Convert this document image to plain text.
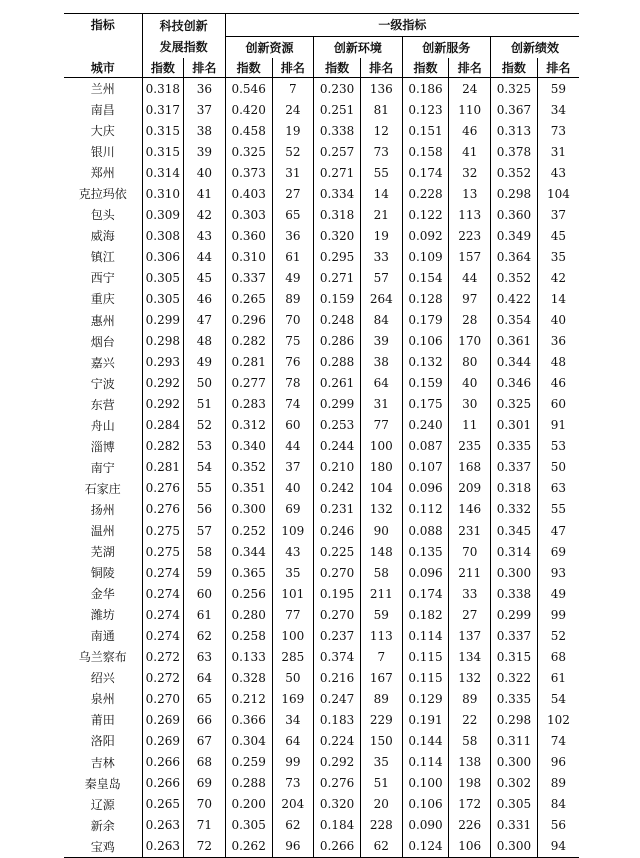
指标	科技创新
发展指数		一级指标							
			创新资源		创新环境		创新服务		创新绩效	
城市	指数	排名	指数	排名	指数	排名	指数	排名	指数	排名
兰州	0.318	36	0.546	7	0.230	136	0.186	24	0.325	59
南昌	0.317	37	0.420	24	0.251	81	0.123	110	0.367	34
大庆	0.315	38	0.458	19	0.338	12	0.151	46	0.313	73
银川	0.315	39	0.325	52	0.257	73	0.158	41	0.378	31
郑州	0.314	40	0.373	31	0.271	55	0.174	32	0.352	43
克拉玛依	0.310	41	0.403	27	0.334	14	0.228	13	0.298	104
包头	0.309	42	0.303	65	0.318	21	0.122	113	0.360	37
威海	0.308	43	0.360	36	0.320	19	0.092	223	0.349	45
镇江	0.306	44	0.310	61	0.295	33	0.109	157	0.364	35
西宁	0.305	45	0.337	49	0.271	57	0.154	44	0.352	42
重庆	0.305	46	0.265	89	0.159	264	0.128	97	0.422	14
惠州	0.299	47	0.296	70	0.248	84	0.179	28	0.354	40
烟台	0.298	48	0.282	75	0.286	39	0.106	170	0.361	36
嘉兴	0.293	49	0.281	76	0.288	38	0.132	80	0.344	48
宁波	0.292	50	0.277	78	0.261	64	0.159	40	0.346	46
东营	0.292	51	0.283	74	0.299	31	0.175	30	0.325	60
舟山	0.284	52	0.312	60	0.253	77	0.240	11	0.301	91
淄博	0.282	53	0.340	44	0.244	100	0.087	235	0.335	53
南宁	0.281	54	0.352	37	0.210	180	0.107	168	0.337	50
石家庄	0.276	55	0.351	40	0.242	104	0.096	209	0.318	63
扬州	0.276	56	0.300	69	0.231	132	0.112	146	0.332	55
温州	0.275	57	0.252	109	0.246	90	0.088	231	0.345	47
芜湖	0.275	58	0.344	43	0.225	148	0.135	70	0.314	69
铜陵	0.274	59	0.365	35	0.270	58	0.096	211	0.300	93
金华	0.274	60	0.256	101	0.195	211	0.174	33	0.338	49
潍坊	0.274	61	0.280	77	0.270	59	0.182	27	0.299	99
南通	0.274	62	0.258	100	0.237	113	0.114	137	0.337	52
乌兰察布	0.272	63	0.133	285	0.374	7	0.115	134	0.315	68
绍兴	0.272	64	0.328	50	0.216	167	0.115	132	0.322	61
泉州	0.270	65	0.212	169	0.247	89	0.129	89	0.335	54
莆田	0.269	66	0.366	34	0.183	229	0.191	22	0.298	102
洛阳	0.269	67	0.304	64	0.224	150	0.144	58	0.311	74
吉林	0.266	68	0.259	99	0.292	35	0.114	138	0.300	96
秦皇岛	0.266	69	0.288	73	0.276	51	0.100	198	0.302	89
辽源	0.265	70	0.200	204	0.320	20	0.106	172	0.305	84
新余	0.263	71	0.305	62	0.184	228	0.090	226	0.331	56
宝鸡	0.263	72	0.262	96	0.266	62	0.124	106	0.300	94
